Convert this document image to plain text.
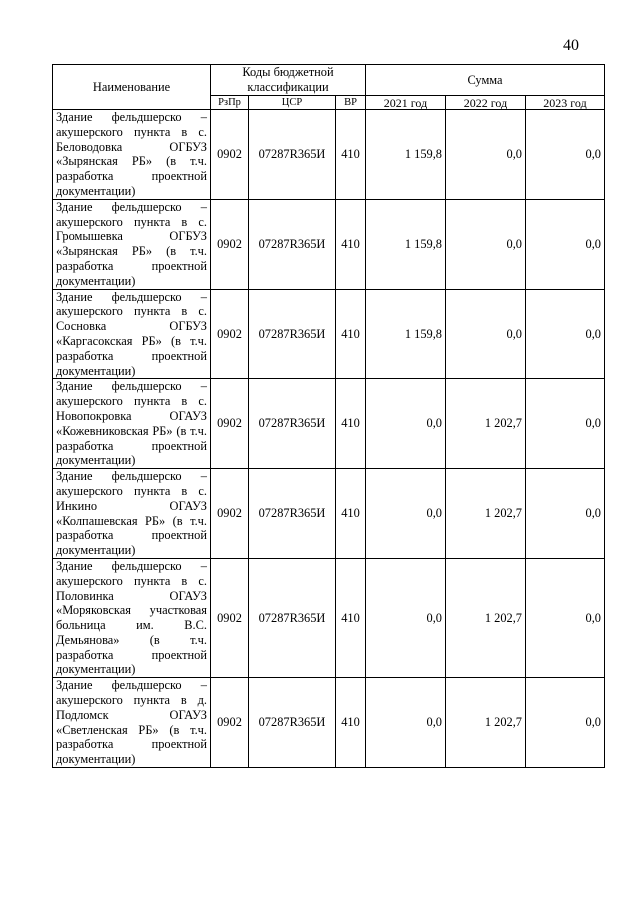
40
Наименование	Коды бюджетной классификации			Сумма		
	РзПр	ЦСР	ВР	2021 год	2022 год	2023 год
Здание фельдшерско – акушерского пункта в с. Беловодовка ОГБУЗ «Зырянская РБ» (в т.ч. разработка проектной документации)	0902	07287R365И	410	1 159,8	0,0	0,0
Здание фельдшерско – акушерского пункта в с. Громышевка ОГБУЗ «Зырянская РБ» (в т.ч. разработка проектной документации)	0902	07287R365И	410	1 159,8	0,0	0,0
Здание фельдшерско – акушерского пункта в с. Сосновка ОГБУЗ «Каргасокская РБ» (в т.ч. разработка проектной документации)	0902	07287R365И	410	1 159,8	0,0	0,0
Здание фельдшерско – акушерского пункта в с. Новопокровка ОГАУЗ «Кожевниковская РБ» (в т.ч. разработка проектной документации)	0902	07287R365И	410	0,0	1 202,7	0,0
Здание фельдшерско – акушерского пункта в с. Инкино ОГАУЗ «Колпашевская РБ» (в т.ч. разработка проектной документации)	0902	07287R365И	410	0,0	1 202,7	0,0
Здание фельдшерско – акушерского пункта в с. Половинка ОГАУЗ «Моряковская участковая больница им. В.С. Демьянова» (в т.ч. разработка проектной документации)	0902	07287R365И	410	0,0	1 202,7	0,0
Здание фельдшерско – акушерского пункта в д. Подломск ОГАУЗ «Светленская РБ» (в т.ч. разработка проектной документации)	0902	07287R365И	410	0,0	1 202,7	0,0
